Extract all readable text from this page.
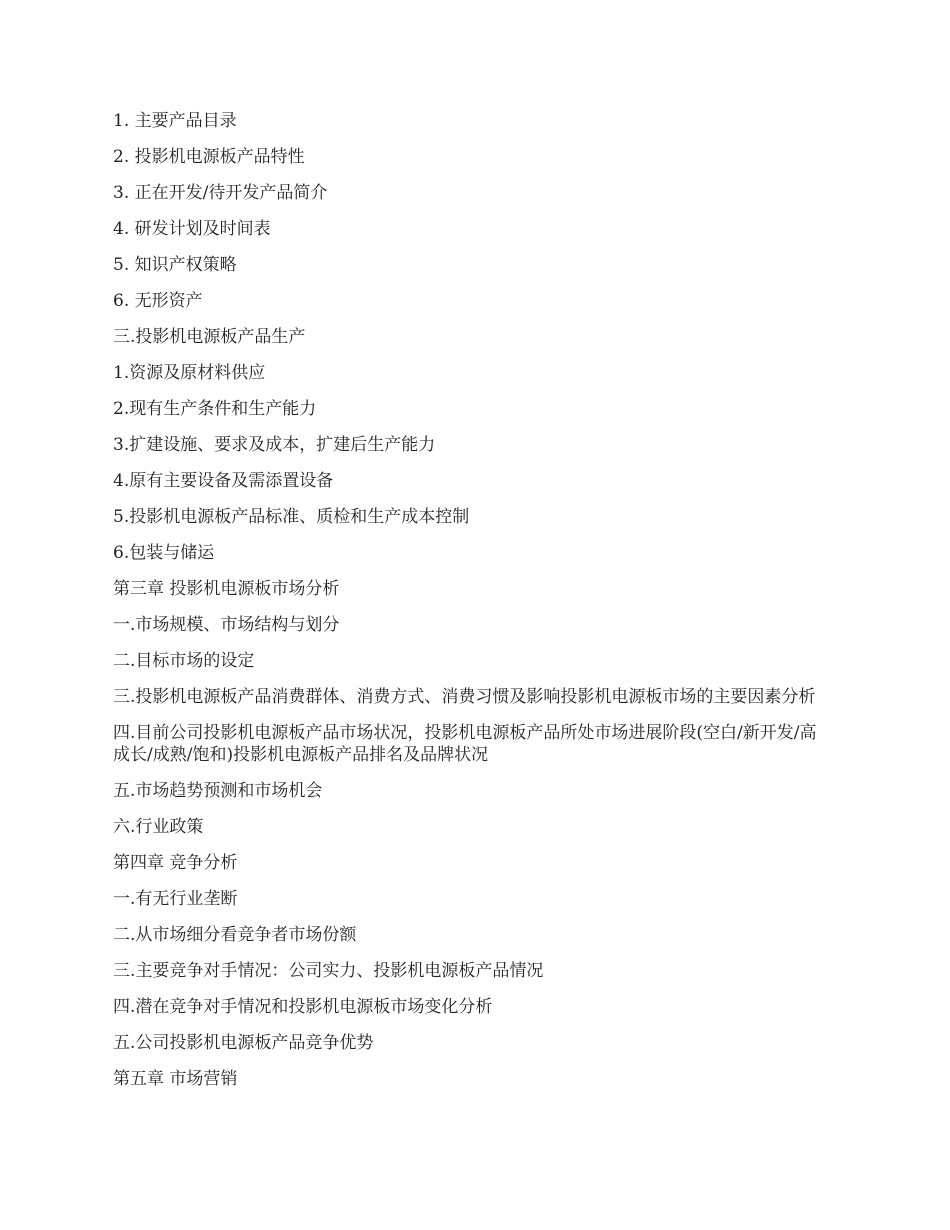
1. 主要产品目录

2. 投影机电源板产品特性

3. 正在开发/待开发产品简介

4. 研发计划及时间表

5. 知识产权策略

6. 无形资产

三.投影机电源板产品生产

1.资源及原材料供应

2.现有生产条件和生产能力

3.扩建设施、要求及成本，扩建后生产能力

4.原有主要设备及需添置设备

5.投影机电源板产品标准、质检和生产成本控制

6.包装与储运

第三章 投影机电源板市场分析

一.市场规模、市场结构与划分

二.目标市场的设定

三.投影机电源板产品消费群体、消费方式、消费习惯及影响投影机电源板市场的主要因素分析

四.目前公司投影机电源板产品市场状况，投影机电源板产品所处市场进展阶段(空白/新开发/高成长/成熟/饱和)投影机电源板产品排名及品牌状况

五.市场趋势预测和市场机会

六.行业政策

第四章 竞争分析

一.有无行业垄断

二.从市场细分看竞争者市场份额

三.主要竞争对手情况：公司实力、投影机电源板产品情况

四.潜在竞争对手情况和投影机电源板市场变化分析

五.公司投影机电源板产品竞争优势

第五章 市场营销
